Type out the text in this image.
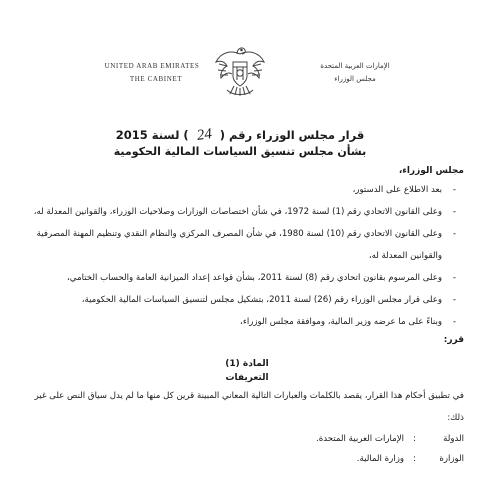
UNITED ARAB EMIRATES
THE CABINET
الإمارات العربية المتحدة
مجلس الوزراء
قرار مجلس الوزراء رقم ( 24 ) لسنة 2015
بشأن مجلس تنسيق السياسات المالية الحكومية
مجلس الوزراء،
- بعد الاطلاع على الدستور،
- وعلى القانون الاتحادي رقم (1) لسنة 1972، في شأن اختصاصات الوزارات وصلاحيات الوزراء، والقوانين المعدلة له،
- وعلى القانون الاتحادي رقم (10) لسنة 1980، في شأن المصرف المركزي والنظام النقدي وتنظيم المهنة المصرفية والقوانين المعدلة له،
- وعلى المرسوم بقانون اتحادي رقم (8) لسنة 2011، بشأن قواعد إعداد الميزانية العامة والحساب الختامي،
- وعلى قرار مجلس الوزراء رقم (26) لسنة 2011، بتشكيل مجلس لتنسيق السياسات المالية الحكومية،
- وبناءً على ما عرضه وزير المالية، وموافقة مجلس الوزراء،
قرر:
المادة (1)
التعريفات
في تطبيق أحكام هذا القرار، يقصد بالكلمات والعبارات التالية المعاني المبينة قرين كل منها ما لم يدل سياق النص على غير ذلك:
الدولة:الإمارات العربية المتحدة.
الوزارة:وزارة المالية.
